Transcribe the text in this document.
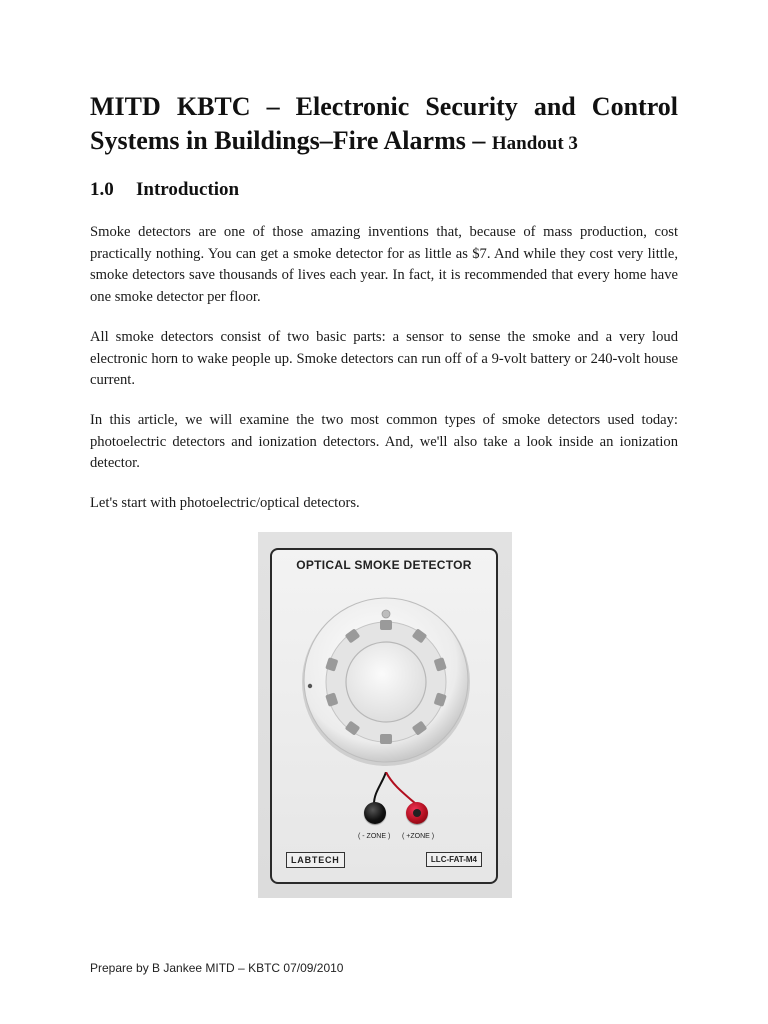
MITD KBTC – Electronic Security and Control Systems in Buildings–Fire Alarms – Handout 3
1.0 Introduction

Smoke detectors are one of those amazing inventions that, because of mass production, cost practically nothing. You can get a smoke detector for as little as $7. And while they cost very little, smoke detectors save thousands of lives each year. In fact, it is recommended that every home have one smoke detector per floor.

All smoke detectors consist of two basic parts: a sensor to sense the smoke and a very loud electronic horn to wake people up. Smoke detectors can run off of a 9-volt battery or 240-volt house current.

In this article, we will examine the two most common types of smoke detectors used today: photoelectric detectors and ionization detectors. And, we'll also take a look inside an ionization detector.

Let's start with photoelectric/optical detectors.

OPTICAL SMOKE DETECTOR
( - ZONE ) ( +ZONE )
LABTECH	LLC-FAT-M4

Prepare by B Jankee MITD – KBTC 07/09/2010
